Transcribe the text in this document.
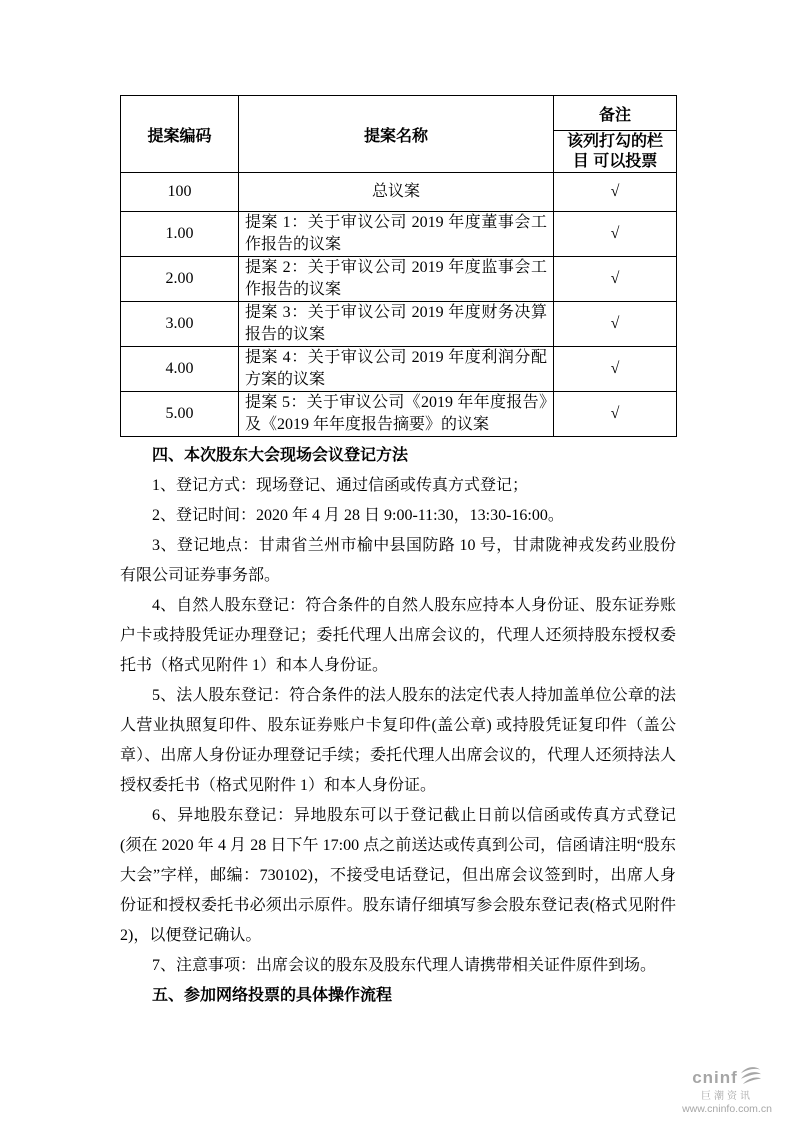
提案编码	提案名称	备注
		该列打勾的栏目 可以投票
100	总议案	√
1.00	提案 1：关于审议公司 2019 年度董事会工作报告的议案	√
2.00	提案 2：关于审议公司 2019 年度监事会工作报告的议案	√
3.00	提案 3：关于审议公司 2019 年度财务决算报告的议案	√
4.00	提案 4：关于审议公司 2019 年度利润分配方案的议案	√
5.00	提案 5：关于审议公司《2019 年年度报告》及《2019 年年度报告摘要》的议案	√

四、本次股东大会现场会议登记方法

1、登记方式：现场登记、通过信函或传真方式登记；

2、登记时间：2020 年 4 月 28 日 9:00-11:30，13:30-16:00。

3、登记地点：甘肃省兰州市榆中县国防路 10 号，甘肃陇神戎发药业股份有限公司证券事务部。

4、自然人股东登记：符合条件的自然人股东应持本人身份证、股东证券账户卡或持股凭证办理登记；委托代理人出席会议的，代理人还须持股东授权委托书（格式见附件 1）和本人身份证。

5、法人股东登记：符合条件的法人股东的法定代表人持加盖单位公章的法人营业执照复印件、股东证券账户卡复印件(盖公章) 或持股凭证复印件（盖公章）、出席人身份证办理登记手续；委托代理人出席会议的，代理人还须持法人授权委托书（格式见附件 1）和本人身份证。

6、异地股东登记：异地股东可以于登记截止日前以信函或传真方式登记(须在 2020 年 4 月 28 日下午 17:00 点之前送达或传真到公司，信函请注明“股东大会”字样，邮编：730102)，不接受电话登记，但出席会议签到时，出席人身份证和授权委托书必须出示原件。股东请仔细填写参会股东登记表(格式见附件 2)，以便登记确认。

7、注意事项：出席会议的股东及股东代理人请携带相关证件原件到场。

五、参加网络投票的具体操作流程

cninf
巨潮资讯
www.cninfo.com.cn
